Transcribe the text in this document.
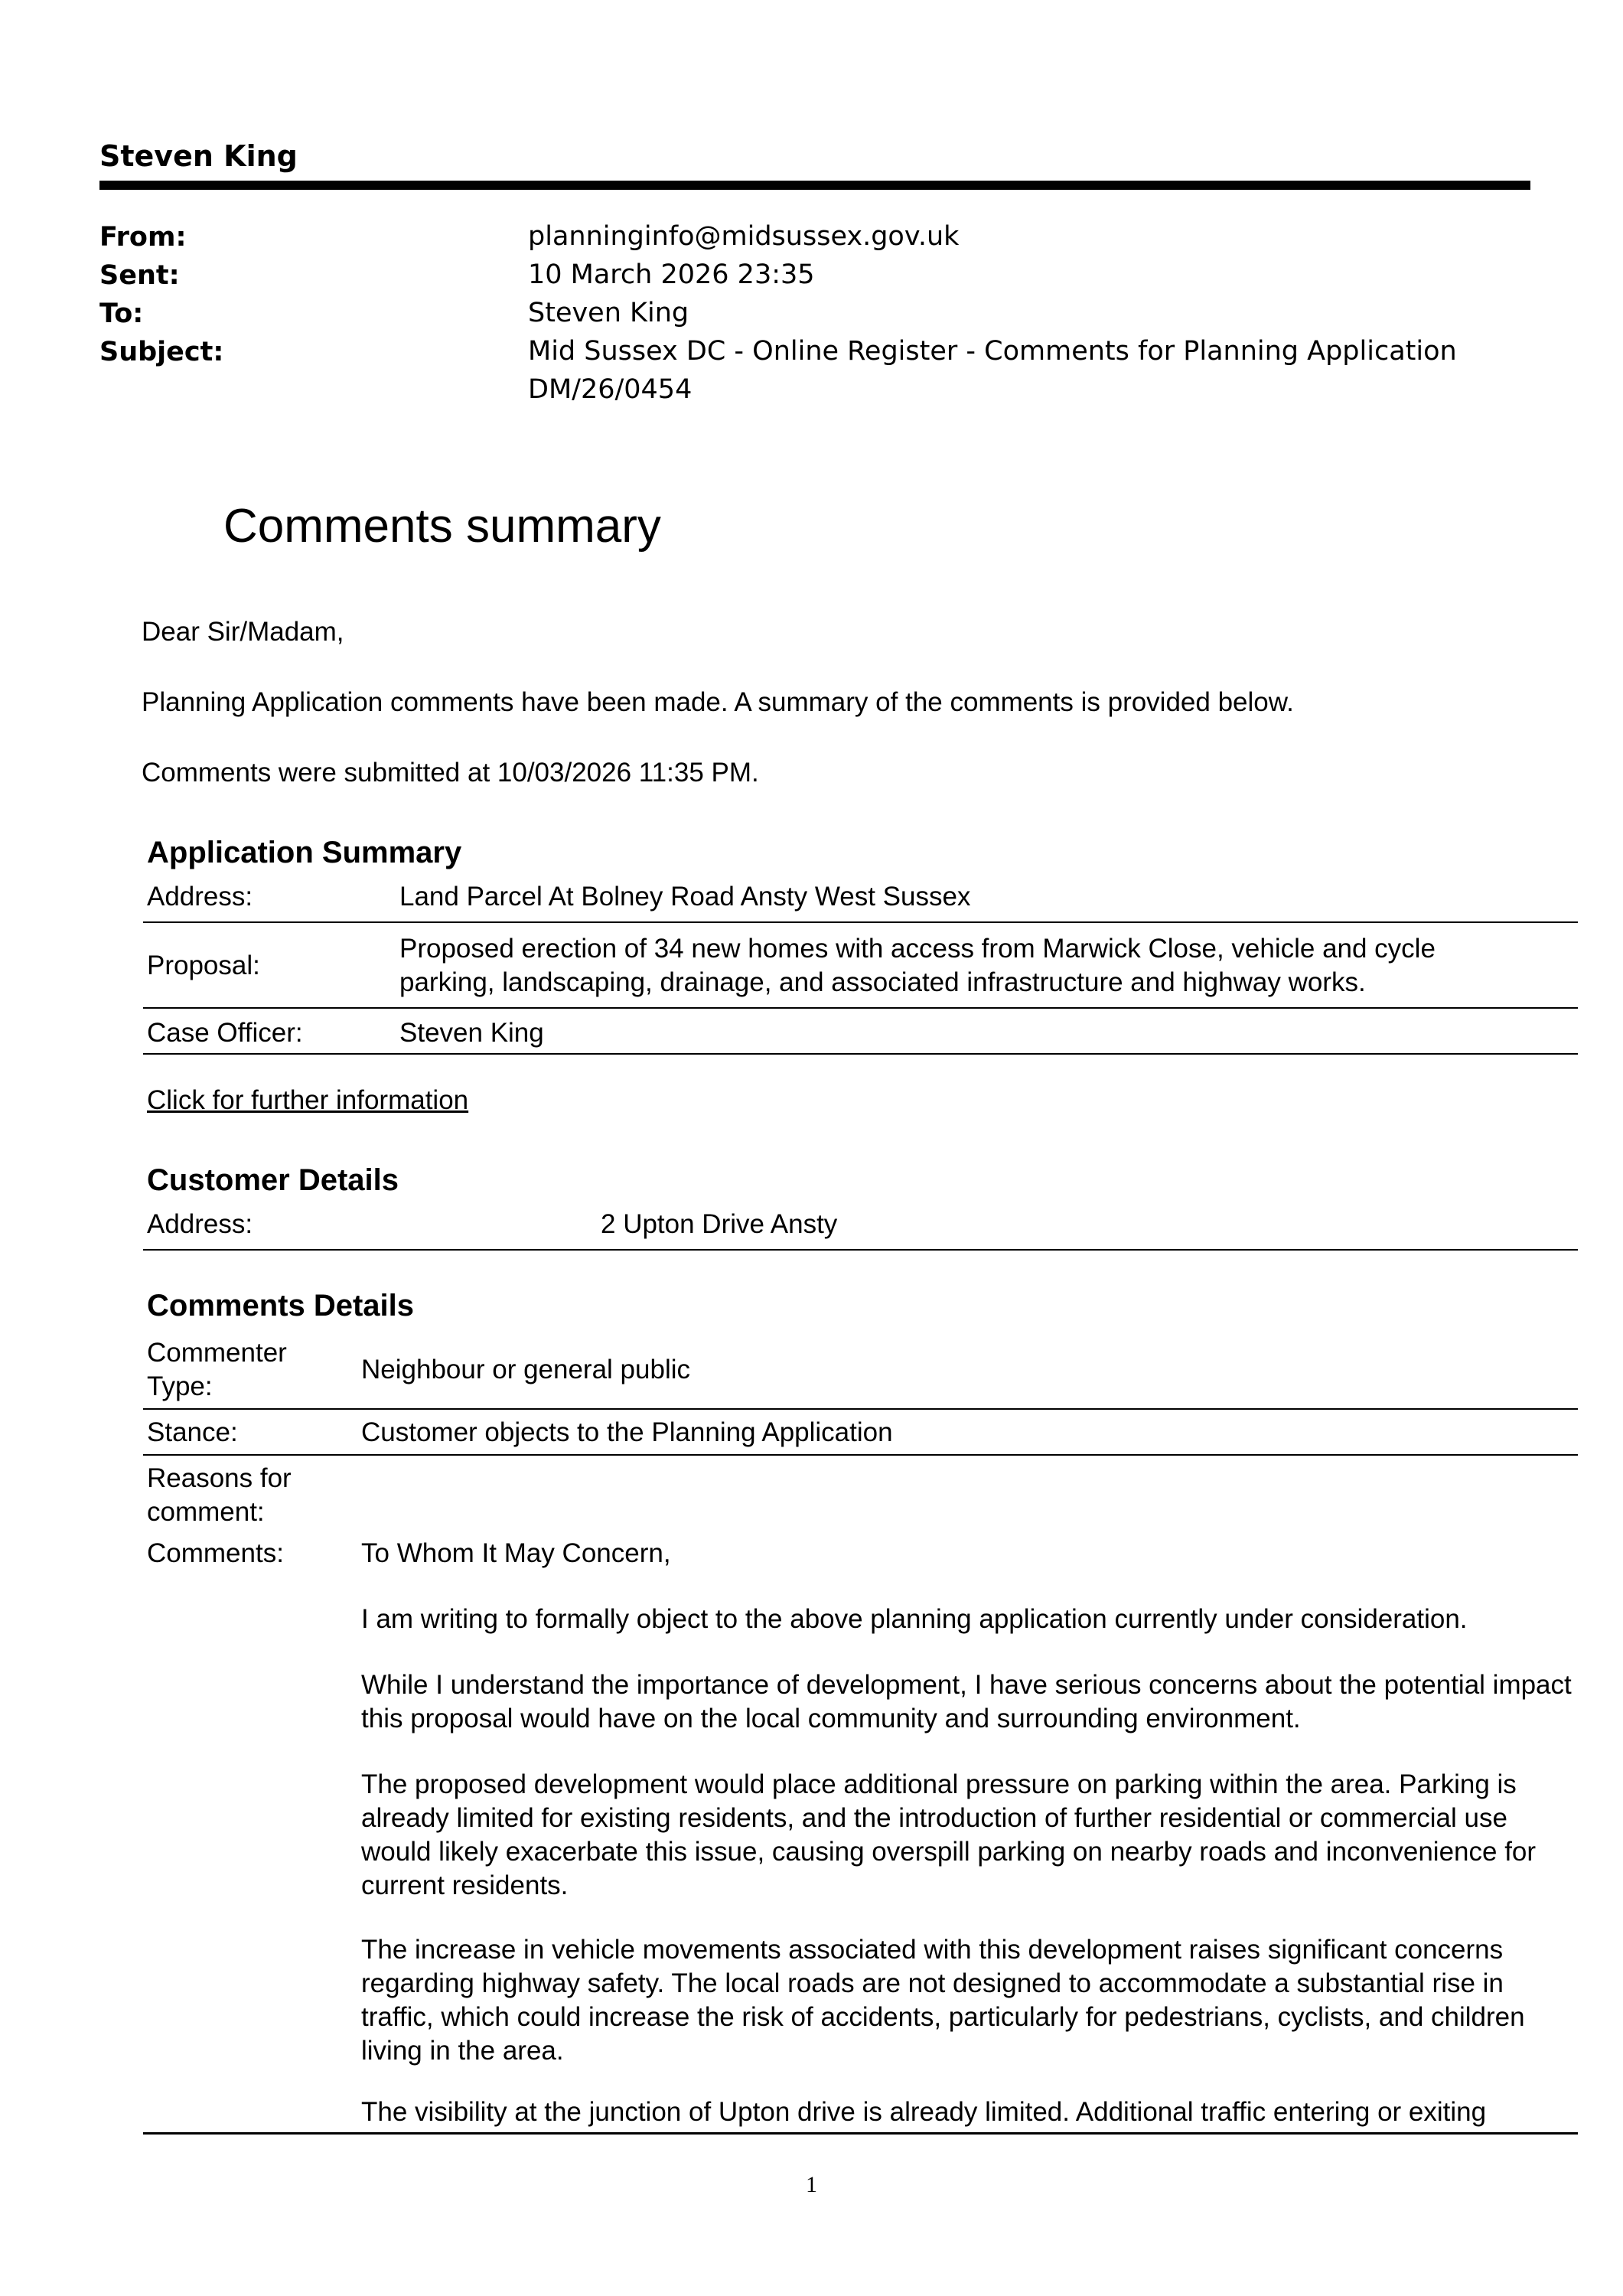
Steven King
From:	planninginfo@midsussex.gov.uk
Sent:	10 March 2026 23:35
To:	Steven King
Subject:	Mid Sussex DC - Online Register - Comments for Planning Application
DM/26/0454
Comments summary
Dear Sir/Madam,
Planning Application comments have been made. A summary of the comments is provided below.
Comments were submitted at 10/03/2026 11:35 PM.
Application Summary
Address:	Land Parcel At Bolney Road Ansty West Sussex
Proposal:
Proposed erection of 34 new homes with access from Marwick Close, vehicle and cycle
parking, landscaping, drainage, and associated infrastructure and highway works.
Case Officer:	Steven King
Click for further information
Customer Details
Address:	2 Upton Drive Ansty
Comments Details
Commenter
Type:
Neighbour or general public
Stance:	Customer objects to the Planning Application
Reasons for
comment:
Comments:	To Whom It May Concern,
I am writing to formally object to the above planning application currently under consideration.
While I understand the importance of development, I have serious concerns about the potential impact this proposal would have on the local community and surrounding environment.
The proposed development would place additional pressure on parking within the area. Parking is already limited for existing residents, and the introduction of further residential or commercial use would likely exacerbate this issue, causing overspill parking on nearby roads and inconvenience for current residents.
The increase in vehicle movements associated with this development raises significant concerns regarding highway safety. The local roads are not designed to accommodate a substantial rise in traffic, which could increase the risk of accidents, particularly for pedestrians, cyclists, and children living in the area.
The visibility at the junction of Upton drive is already limited. Additional traffic entering or exiting
1
